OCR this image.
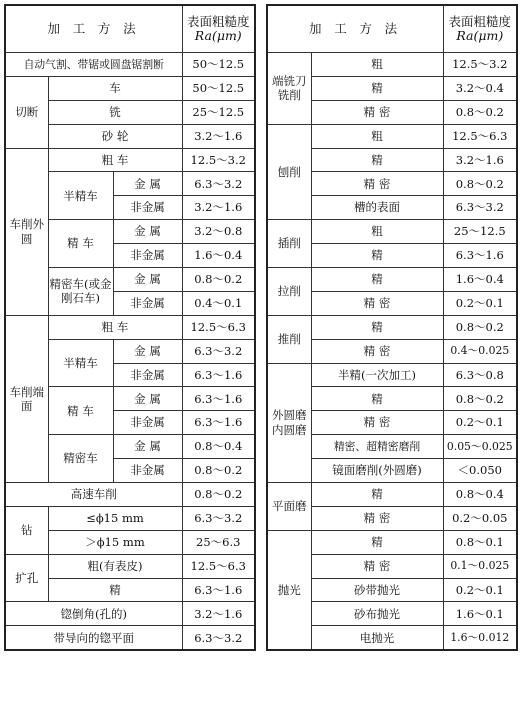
加 工 方 法			表面粗糙度
Ra(μm)
自动气割、带锯或圆盘锯割断			50～12.5
切断	车		50～12.5
	铣		25～12.5
	砂 轮		3.2～1.6
车削外圆	粗 车		12.5～3.2
	半精车	金 属	6.3～3.2
		非金属	3.2～1.6
	精 车	金 属	3.2～0.8
		非金属	1.6～0.4
	精密车(或金刚石车)	金 属	0.8～0.2
		非金属	0.4～0.1
车削端面	粗 车		12.5～6.3
	半精车	金 属	6.3～3.2
		非金属	6.3～1.6
	精 车	金 属	6.3～1.6
		非金属	6.3～1.6
	精密车	金 属	0.8～0.4
		非金属	0.8～0.2
高速车削			0.8～0.2
钻	≤ϕ15 mm		6.3～3.2
	＞ϕ15 mm		25～6.3
扩孔	粗(有表皮)		12.5～6.3
	精		6.3～1.6
锪倒角(孔的)			3.2～1.6
带导向的锪平面			6.3～3.2
加 工 方 法		表面粗糙度
Ra(μm)
端铣刀铣削	粗	12.5～3.2
	精	3.2～0.4
	精 密	0.8～0.2
刨削	粗	12.5～6.3
	精	3.2～1.6
	精 密	0.8～0.2
	槽的表面	6.3～3.2
插削	粗	25～12.5
	精	6.3～1.6
拉削	精	1.6～0.4
	精 密	0.2～0.1
推削	精	0.8～0.2
	精 密	0.4～0.025
外圆磨内圆磨	半精(一次加工)	6.3～0.8
	精	0.8～0.2
	精 密	0.2～0.1
	精密、超精密磨削	0.05～0.025
	镜面磨削(外圆磨)	＜0.050
平面磨	精	0.8～0.4
	精 密	0.2～0.05
抛光	精	0.8～0.1
	精 密	0.1～0.025
	砂带抛光	0.2～0.1
	砂布抛光	1.6～0.1
	电抛光	1.6～0.012
